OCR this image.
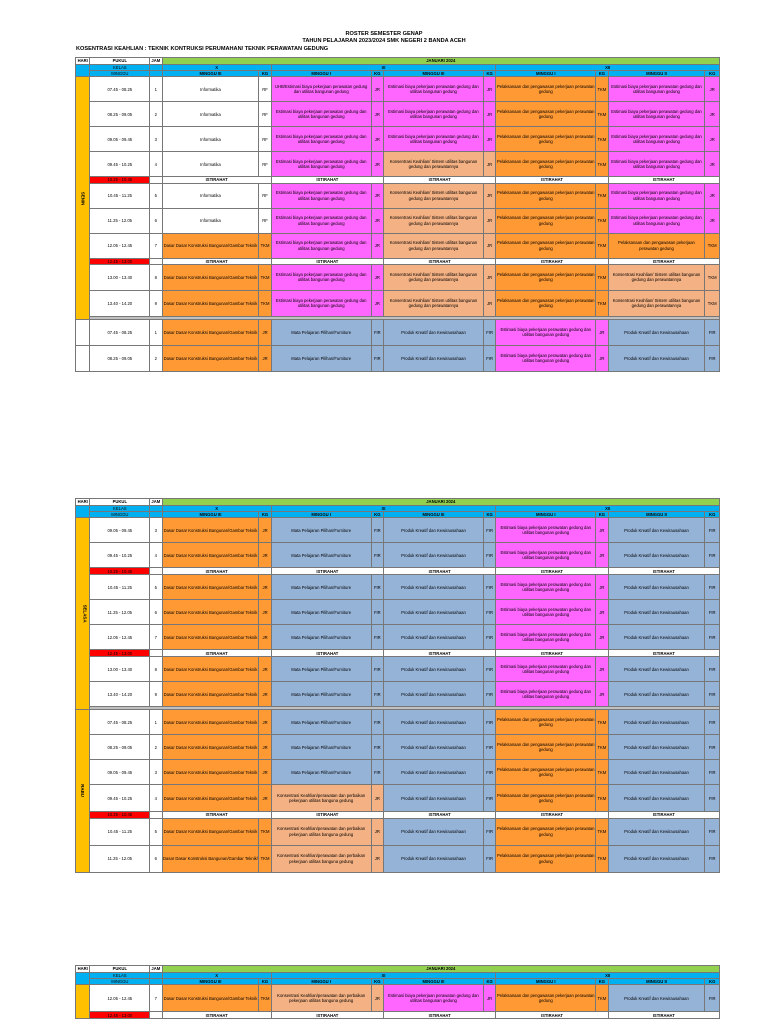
ROSTER SEMESTER GENAP
TAHUN PELAJARAN 2023/2024 SMK NEGERI 2 BANDA ACEH
KOSENTRASI KEAHLIAN : TEKNIK KONTRUKSI PERUMAHAN/ TEKNIK PERAWATAN GEDUNG
HARI	PUKUL	JAM	JANUARI 2024									
	KELAS		X		XI				XII			
	MINGGU		MINGGU III	KG	MINGGU I	KG	MINGGU III	KG	MINGGU I	KG	MINGGU II	KG
SENIN	07.45 - 08.25	1	Informatika	RF	UHB/Estimasi biaya pekerjaan perawatan gedung dan utilitas bangunan gedung	JR	Estimasi biaya pekerjaan perawatan gedung dan utilitas bangunan gedung	JR	Pelaksanaan dan pengawasan pekerjaan perawatan gedung	TKM	Estimasi biaya pekerjaan perawatan gedung dan utilitas bangunan gedung	JR
	08.25 - 09.05	2	Informatika	RF	Estimasi biaya pekerjaan perawatan gedung dan utilitas bangunan gedung	JR	Estimasi biaya pekerjaan perawatan gedung dan utilitas bangunan gedung	JR	Pelaksanaan dan pengawasan pekerjaan perawatan gedung	TKM	Estimasi biaya pekerjaan perawatan gedung dan utilitas bangunan gedung	JR
	09.05 - 09.45	3	Informatika	RF	Estimasi biaya pekerjaan perawatan gedung dan utilitas bangunan gedung	JR	Estimasi biaya pekerjaan perawatan gedung dan utilitas bangunan gedung	JR	Pelaksanaan dan pengawasan pekerjaan perawatan gedung	TKM	Estimasi biaya pekerjaan perawatan gedung dan utilitas bangunan gedung	JR
	09.45 - 10.25	4	Informatika	RF	Estimasi biaya pekerjaan perawatan gedung dan utilitas bangunan gedung	JR	Konsentrasi Keahlian/ Sistem utilitas bangunan gedung dan perawatannya	JR	Pelaksanaan dan pengawasan pekerjaan perawatan gedung	TKM	Estimasi biaya pekerjaan perawatan gedung dan utilitas bangunan gedung	JR
	10.25 - 10.45		ISTIRAHAT		ISTIRAHAT		ISTIRAHAT		ISTIRAHAT		ISTIRAHAT	
	10.45 - 11.25	5	Informatika	RF	Estimasi biaya pekerjaan perawatan gedung dan utilitas bangunan gedung	JR	Konsentrasi Keahlian/ Sistem utilitas bangunan gedung dan perawatannya	JR	Pelaksanaan dan pengawasan pekerjaan perawatan gedung	TKM	Estimasi biaya pekerjaan perawatan gedung dan utilitas bangunan gedung	JR
	11.25 - 12.05	6	Informatika	RF	Estimasi biaya pekerjaan perawatan gedung dan utilitas bangunan gedung	JR	Konsentrasi Keahlian/ Sistem utilitas bangunan gedung dan perawatannya	JR	Pelaksanaan dan pengawasan pekerjaan perawatan gedung	TKM	Estimasi biaya pekerjaan perawatan gedung dan utilitas bangunan gedung	JR
	12.05 - 12.45	7	Dasar Dasar Konstruksi Bangunan/Gambar Teknik	TKM	Estimasi biaya pekerjaan perawatan gedung dan utilitas bangunan gedung	JR	Konsentrasi Keahlian/ Sistem utilitas bangunan gedung dan perawatannya	JR	Pelaksanaan dan pengawasan pekerjaan perawatan gedung	TKM	Pelaksanaan dan pengawasan pekerjaan perawatan gedung	TKM
	12.45 - 13.00		ISTIRAHAT		ISTIRAHAT		ISTIRAHAT		ISTIRAHAT		ISTIRAHAT	
	13.00 - 13.40	8	Dasar Dasar Konstruksi Bangunan/Gambar Teknik	TKM	Estimasi biaya pekerjaan perawatan gedung dan utilitas bangunan gedung	JR	Konsentrasi Keahlian/ Sistem utilitas bangunan gedung dan perawatannya	JR	Pelaksanaan dan pengawasan pekerjaan perawatan gedung	TKM	Konsentrasi Keahlian/ Sistem utilitas bangunan gedung dan perawatannya	TKM
	13.40 - 14.20	9	Dasar Dasar Konstruksi Bangunan/Gambar Teknik	TKM	Estimasi biaya pekerjaan perawatan gedung dan utilitas bangunan gedung	JR	Konsentrasi Keahlian/ Sistem utilitas bangunan gedung dan perawatannya	JR	Pelaksanaan dan pengawasan pekerjaan perawatan gedung	TKM	Konsentrasi Keahlian/ Sistem utilitas bangunan gedung dan perawatannya	TKM

	07.45 - 08.25	1	Dasar Dasar Konstruksi Bangunan/Gambar Teknik	JR	Mata Pelajaran Pilihan/Furniture	FIR	Produk Kreatif dan Kewirausahaan	FIR	Estimasi biaya pekerjaan perawatan gedung dan utilitas bangunan gedung	JR	Produk Kreatif dan Kewirausahaan	FIR
	08.25 - 09.05	2	Dasar Dasar Konstruksi Bangunan/Gambar Teknik	JR	Mata Pelajaran Pilihan/Furniture	FIR	Produk Kreatif dan Kewirausahaan	FIR	Estimasi biaya pekerjaan perawatan gedung dan utilitas bangunan gedung	JR	Produk Kreatif dan Kewirausahaan	FIR
HARI	PUKUL	JAM	JANUARI 2024									
	KELAS		X		XI				XII			
	MINGGU		MINGGU III	KG	MINGGU I	KG	MINGGU III	KG	MINGGU I	KG	MINGGU II	KG
SELASA	09.05 - 09.45	3	Dasar Dasar Konstruksi Bangunan/Gambar Teknik	JR	Mata Pelajaran Pilihan/Furniture	FIR	Produk Kreatif dan Kewirausahaan	FIR	Estimasi biaya pekerjaan perawatan gedung dan utilitas bangunan gedung	JR	Produk Kreatif dan Kewirausahaan	FIR
	09.45 - 10.25	4	Dasar Dasar Konstruksi Bangunan/Gambar Teknik	JR	Mata Pelajaran Pilihan/Furniture	FIR	Produk Kreatif dan Kewirausahaan	FIR	Estimasi biaya pekerjaan perawatan gedung dan utilitas bangunan gedung	JR	Produk Kreatif dan Kewirausahaan	FIR
	10.25 - 10.45		ISTIRAHAT		ISTIRAHAT		ISTIRAHAT		ISTIRAHAT		ISTIRAHAT	
	10.45 - 11.25	5	Dasar Dasar Konstruksi Bangunan/Gambar Teknik	JR	Mata Pelajaran Pilihan/Furniture	FIR	Produk Kreatif dan Kewirausahaan	FIR	Estimasi biaya pekerjaan perawatan gedung dan utilitas bangunan gedung	JR	Produk Kreatif dan Kewirausahaan	FIR
	11.25 - 12.05	6	Dasar Dasar Konstruksi Bangunan/Gambar Teknik	JR	Mata Pelajaran Pilihan/Furniture	FIR	Produk Kreatif dan Kewirausahaan	FIR	Estimasi biaya pekerjaan perawatan gedung dan utilitas bangunan gedung	JR	Produk Kreatif dan Kewirausahaan	FIR
	12.05 - 12.45	7	Dasar Dasar Konstruksi Bangunan/Gambar Teknik	JR	Mata Pelajaran Pilihan/Furniture	FIR	Produk Kreatif dan Kewirausahaan	FIR	Estimasi biaya pekerjaan perawatan gedung dan utilitas bangunan gedung	JR	Produk Kreatif dan Kewirausahaan	FIR
	12.45 - 13.00		ISTIRAHAT		ISTIRAHAT		ISTIRAHAT		ISTIRAHAT		ISTIRAHAT	
	13.00 - 13.40	8	Dasar Dasar Konstruksi Bangunan/Gambar Teknik	JR	Mata Pelajaran Pilihan/Furniture	FIR	Produk Kreatif dan Kewirausahaan	FIR	Estimasi biaya pekerjaan perawatan gedung dan utilitas bangunan gedung	JR	Produk Kreatif dan Kewirausahaan	FIR
	13.40 - 14.20	9	Dasar Dasar Konstruksi Bangunan/Gambar Teknik	JR	Mata Pelajaran Pilihan/Furniture	FIR	Produk Kreatif dan Kewirausahaan	FIR	Estimasi biaya pekerjaan perawatan gedung dan utilitas bangunan gedung	JR	Produk Kreatif dan Kewirausahaan	FIR

RABU	07.45 - 08.25	1	Dasar Dasar Konstruksi Bangunan/Gambar Teknik	JR	Mata Pelajaran Pilihan/Furniture	FIR	Produk Kreatif dan Kewirausahaan	FIR	Pelaksanaan dan pengawasan pekerjaan perawatan gedung	TKM	Produk Kreatif dan Kewirausahaan	FIR
	08.25 - 09.05	2	Dasar Dasar Konstruksi Bangunan/Gambar Teknik	JR	Mata Pelajaran Pilihan/Furniture	FIR	Produk Kreatif dan Kewirausahaan	FIR	Pelaksanaan dan pengawasan pekerjaan perawatan gedung	TKM	Produk Kreatif dan Kewirausahaan	FIR
	09.05 - 09.45	3	Dasar Dasar Konstruksi Bangunan/Gambar Teknik	JR	Mata Pelajaran Pilihan/Furniture	FIR	Produk Kreatif dan Kewirausahaan	FIR	Pelaksanaan dan pengawasan pekerjaan perawatan gedung	TKM	Produk Kreatif dan Kewirausahaan	FIR
	09.45 - 10.25	4	Dasar Dasar Konstruksi Bangunan/Gambar Teknik	JR	Konsentrasi Keahlian/perawatan dan perbaikan pekerjaan utilitas banguna gedung	JR	Produk Kreatif dan Kewirausahaan	FIR	Pelaksanaan dan pengawasan pekerjaan perawatan gedung	TKM	Produk Kreatif dan Kewirausahaan	FIR
	10.25 - 10.45		ISTIRAHAT		ISTIRAHAT		ISTIRAHAT		ISTIRAHAT		ISTIRAHAT	
	10.45 - 11.25	5	Dasar Dasar Konstruksi Bangunan/Gambar Teknik	TKM	Konsentrasi Keahlian/perawatan dan perbaikan pekerjaan utilitas banguna gedung	JR	Produk Kreatif dan Kewirausahaan	FIR	Pelaksanaan dan pengawasan pekerjaan perawatan gedung	TKM	Produk Kreatif dan Kewirausahaan	FIR
	11.25 - 12.05	6	Dasar Dasar Konstruksi Bangunan/Gambar Teknik/	TKM	Konsentrasi Keahlian/perawatan dan perbaikan pekerjaan utilitas banguna gedung	JR	Produk Kreatif dan Kewirausahaan	FIR	Pelaksanaan dan pengawasan pekerjaan perawatan gedung	TKM	Produk Kreatif dan Kewirausahaan	FIR
HARI	PUKUL	JAM	JANUARI 2024									
	KELAS		X		XI				XII			
	MINGGU		MINGGU III	KG	MINGGU I	KG	MINGGU III	KG	MINGGU I	KG	MINGGU II	KG
	12.05 - 12.45	7	Dasar Dasar Konstruksi Bangunan/Gambar Teknik	TKM	Konsentrasi Keahlian/perawatan dan perbaikan pekerjaan utilitas banguna gedung	JR	Estimasi biaya pekerjaan perawatan gedung dan utilitas bangunan gedung	JR	Pelaksanaan dan pengawasan pekerjaan perawatan gedung	TKM	Produk Kreatif dan Kewirausahaan	FIR
	12.45 - 13.00		ISTIRAHAT		ISTIRAHAT		ISTIRAHAT		ISTIRAHAT		ISTIRAHAT	
